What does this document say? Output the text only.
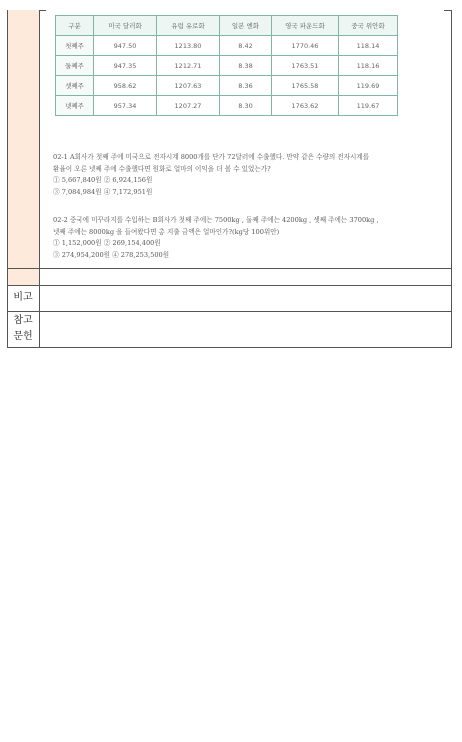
비고
참고
문헌
구분	미국 달러화	유럽 유로화	일본 엔화	영국 파운드화	중국 위안화
첫째주	947.50	1213.80	8.42	1770.46	118.14
둘째주	947.35	1212.71	8.38	1763.51	118.16
셋째주	958.62	1207.63	8.36	1765.58	119.69
넷째주	957.34	1207.27	8.30	1763.62	119.67
02-1 A회사가 첫째 주에 미국으로 전자시계 8000개를 단가 72달러에 수출했다. 만약 같은 수량의 전자시계를
환율이 오른 넷째 주에 수출했다면 원화로 얼마의 이익을 더 볼 수 있었는가?
① 5,667,840원 ② 6,924,156원
③ 7,084,984원 ④ 7,172,951원
02-2 중국에 미꾸라지를 수입하는 B회사가 첫째 주에는 7500kg , 둘째 주에는 4200kg , 셋째 주에는 3700kg ,
넷째 주에는 8000kg 을 들여왔다면 총 지출 금액은 얼마인가?(kg당 100위안)
① 1,152,000원 ② 269,154,400원
③ 274,954,200원 ④ 278,253,500원
